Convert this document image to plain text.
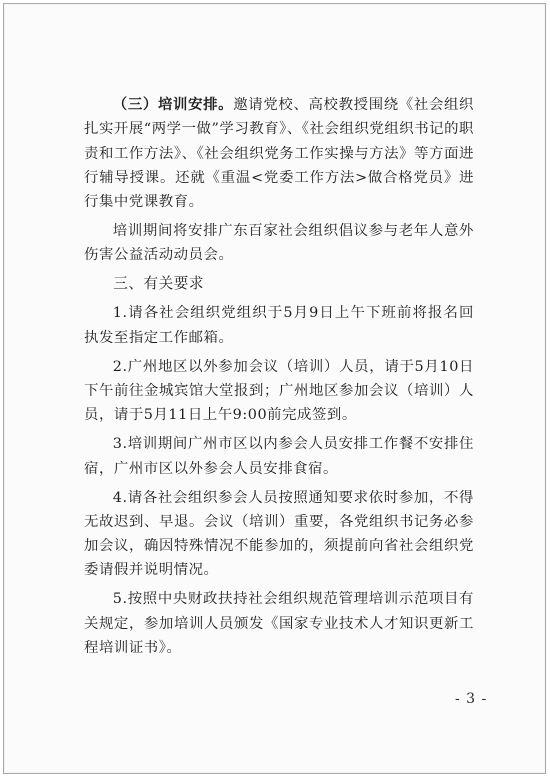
（三）培训安排。邀请党校、高校教授围绕《社会组织扎实开展“两学一做”学习教育》、《社会组织党组织书记的职责和工作方法》、《社会组织党务工作实操与方法》等方面进行辅导授课。还就《重温<党委工作方法>做合格党员》进行集中党课教育。

培训期间将安排广东百家社会组织倡议参与老年人意外伤害公益活动动员会。

三、有关要求

1.请各社会组织党组织于5月9日上午下班前将报名回执发至指定工作邮箱。

2.广州地区以外参加会议（培训）人员，请于5月10日下午前往金城宾馆大堂报到；广州地区参加会议（培训）人员，请于5月11日上午9:00前完成签到。

3.培训期间广州市区以内参会人员安排工作餐不安排住宿，广州市区以外参会人员安排食宿。

4.请各社会组织参会人员按照通知要求依时参加，不得无故迟到、早退。会议（培训）重要，各党组织书记务必参加会议，确因特殊情况不能参加的，须提前向省社会组织党委请假并说明情况。

5.按照中央财政扶持社会组织规范管理培训示范项目有关规定，参加培训人员颁发《国家专业技术人才知识更新工程培训证书》。

- 3 -
